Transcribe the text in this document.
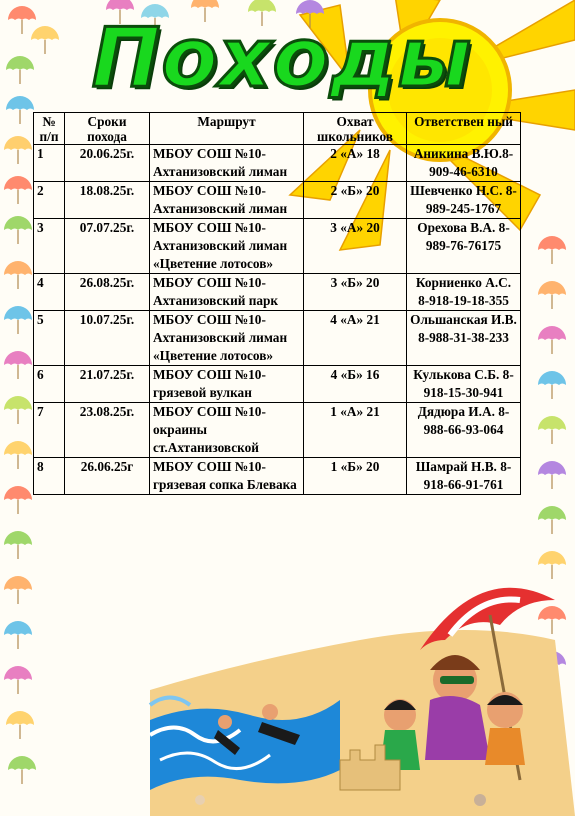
Походы
№ п/п	Сроки похода	Маршрут	Охват школьников	Ответствен ный
1	20.06.25г.	МБОУ СОШ №10- Ахтанизовский лиман	2 «А» 18	Аникина В.Ю.8-909-46-6310
2	18.08.25г.	МБОУ СОШ №10- Ахтанизовский лиман	2 «Б» 20	Шевченко Н.С. 8-989-245-1767
3	07.07.25г.	МБОУ СОШ №10- Ахтанизовский лиман «Цветение лотосов»	3 «А» 20	Орехова В.А. 8-989-76-76175
4	26.08.25г.	МБОУ СОШ №10- Ахтанизовский парк	3 «Б» 20	Корниенко А.С. 8-918-19-18-355
5	10.07.25г.	МБОУ СОШ №10- Ахтанизовский лиман «Цветение лотосов»	4 «А» 21	Ольшанская И.В. 8-988-31-38-233
6	21.07.25г.	МБОУ СОШ №10- грязевой вулкан	4 «Б» 16	Кулькова С.Б. 8-918-15-30-941
7	23.08.25г.	МБОУ СОШ №10- окраины ст.Ахтанизовской	1 «А» 21	Дядюра И.А. 8-988-66-93-064
8	26.06.25г	МБОУ СОШ №10- грязевая сопка Блевака	1 «Б» 20	Шамрай Н.В. 8-918-66-91-761
